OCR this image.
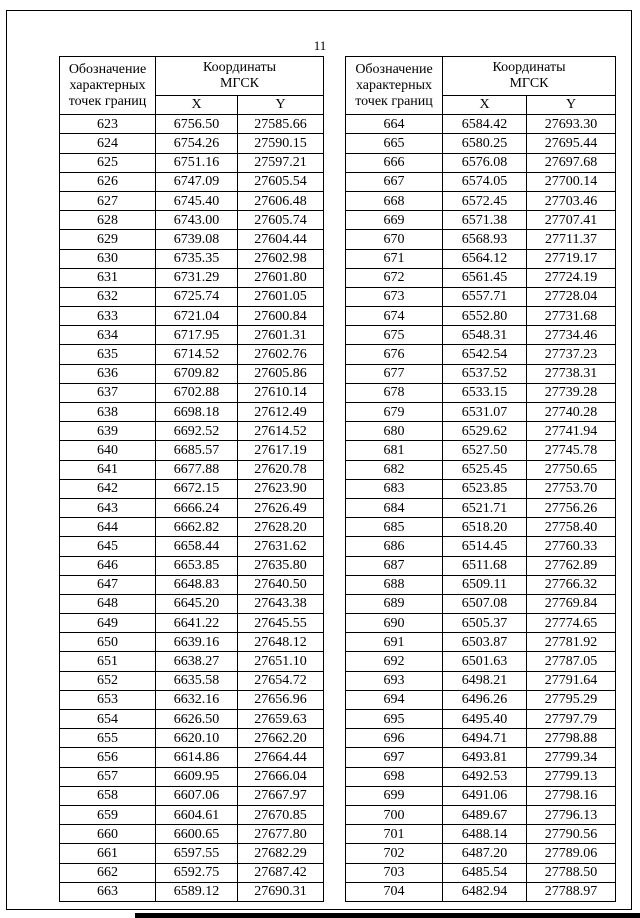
11
Обозначение
характерных
точек границ	Координаты
МГСК	
	X	Y
623	6756.50	27585.66
624	6754.26	27590.15
625	6751.16	27597.21
626	6747.09	27605.54
627	6745.40	27606.48
628	6743.00	27605.74
629	6739.08	27604.44
630	6735.35	27602.98
631	6731.29	27601.80
632	6725.74	27601.05
633	6721.04	27600.84
634	6717.95	27601.31
635	6714.52	27602.76
636	6709.82	27605.86
637	6702.88	27610.14
638	6698.18	27612.49
639	6692.52	27614.52
640	6685.57	27617.19
641	6677.88	27620.78
642	6672.15	27623.90
643	6666.24	27626.49
644	6662.82	27628.20
645	6658.44	27631.62
646	6653.85	27635.80
647	6648.83	27640.50
648	6645.20	27643.38
649	6641.22	27645.55
650	6639.16	27648.12
651	6638.27	27651.10
652	6635.58	27654.72
653	6632.16	27656.96
654	6626.50	27659.63
655	6620.10	27662.20
656	6614.86	27664.44
657	6609.95	27666.04
658	6607.06	27667.97
659	6604.61	27670.85
660	6600.65	27677.80
661	6597.55	27682.29
662	6592.75	27687.42
663	6589.12	27690.31
Обозначение
характерных
точек границ	Координаты
МГСК	
	X	Y
664	6584.42	27693.30
665	6580.25	27695.44
666	6576.08	27697.68
667	6574.05	27700.14
668	6572.45	27703.46
669	6571.38	27707.41
670	6568.93	27711.37
671	6564.12	27719.17
672	6561.45	27724.19
673	6557.71	27728.04
674	6552.80	27731.68
675	6548.31	27734.46
676	6542.54	27737.23
677	6537.52	27738.31
678	6533.15	27739.28
679	6531.07	27740.28
680	6529.62	27741.94
681	6527.50	27745.78
682	6525.45	27750.65
683	6523.85	27753.70
684	6521.71	27756.26
685	6518.20	27758.40
686	6514.45	27760.33
687	6511.68	27762.89
688	6509.11	27766.32
689	6507.08	27769.84
690	6505.37	27774.65
691	6503.87	27781.92
692	6501.63	27787.05
693	6498.21	27791.64
694	6496.26	27795.29
695	6495.40	27797.79
696	6494.71	27798.88
697	6493.81	27799.34
698	6492.53	27799.13
699	6491.06	27798.16
700	6489.67	27796.13
701	6488.14	27790.56
702	6487.20	27789.06
703	6485.54	27788.50
704	6482.94	27788.97
